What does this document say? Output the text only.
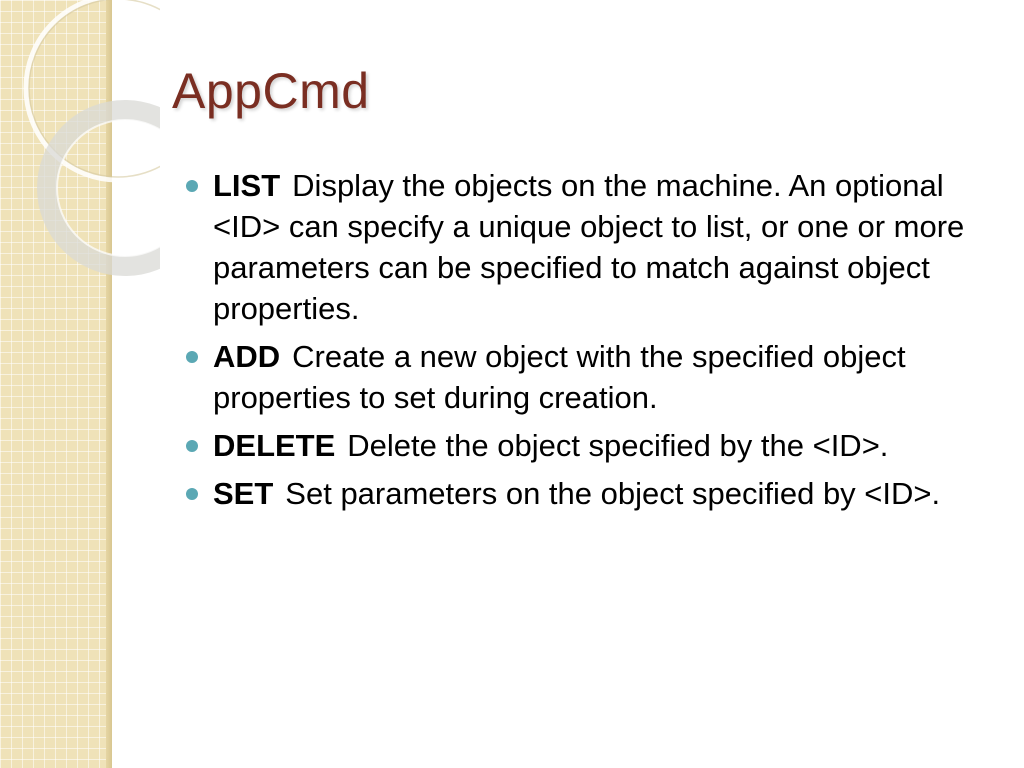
AppCmd
LIST Display the objects on the machine. An optional <ID> can specify a unique object to list, or one or more parameters can be specified to match against object properties.
ADD Create a new object with the specified object properties to set during creation.
DELETE Delete the object specified by the <ID>.
SET Set parameters on the object specified by <ID>.
